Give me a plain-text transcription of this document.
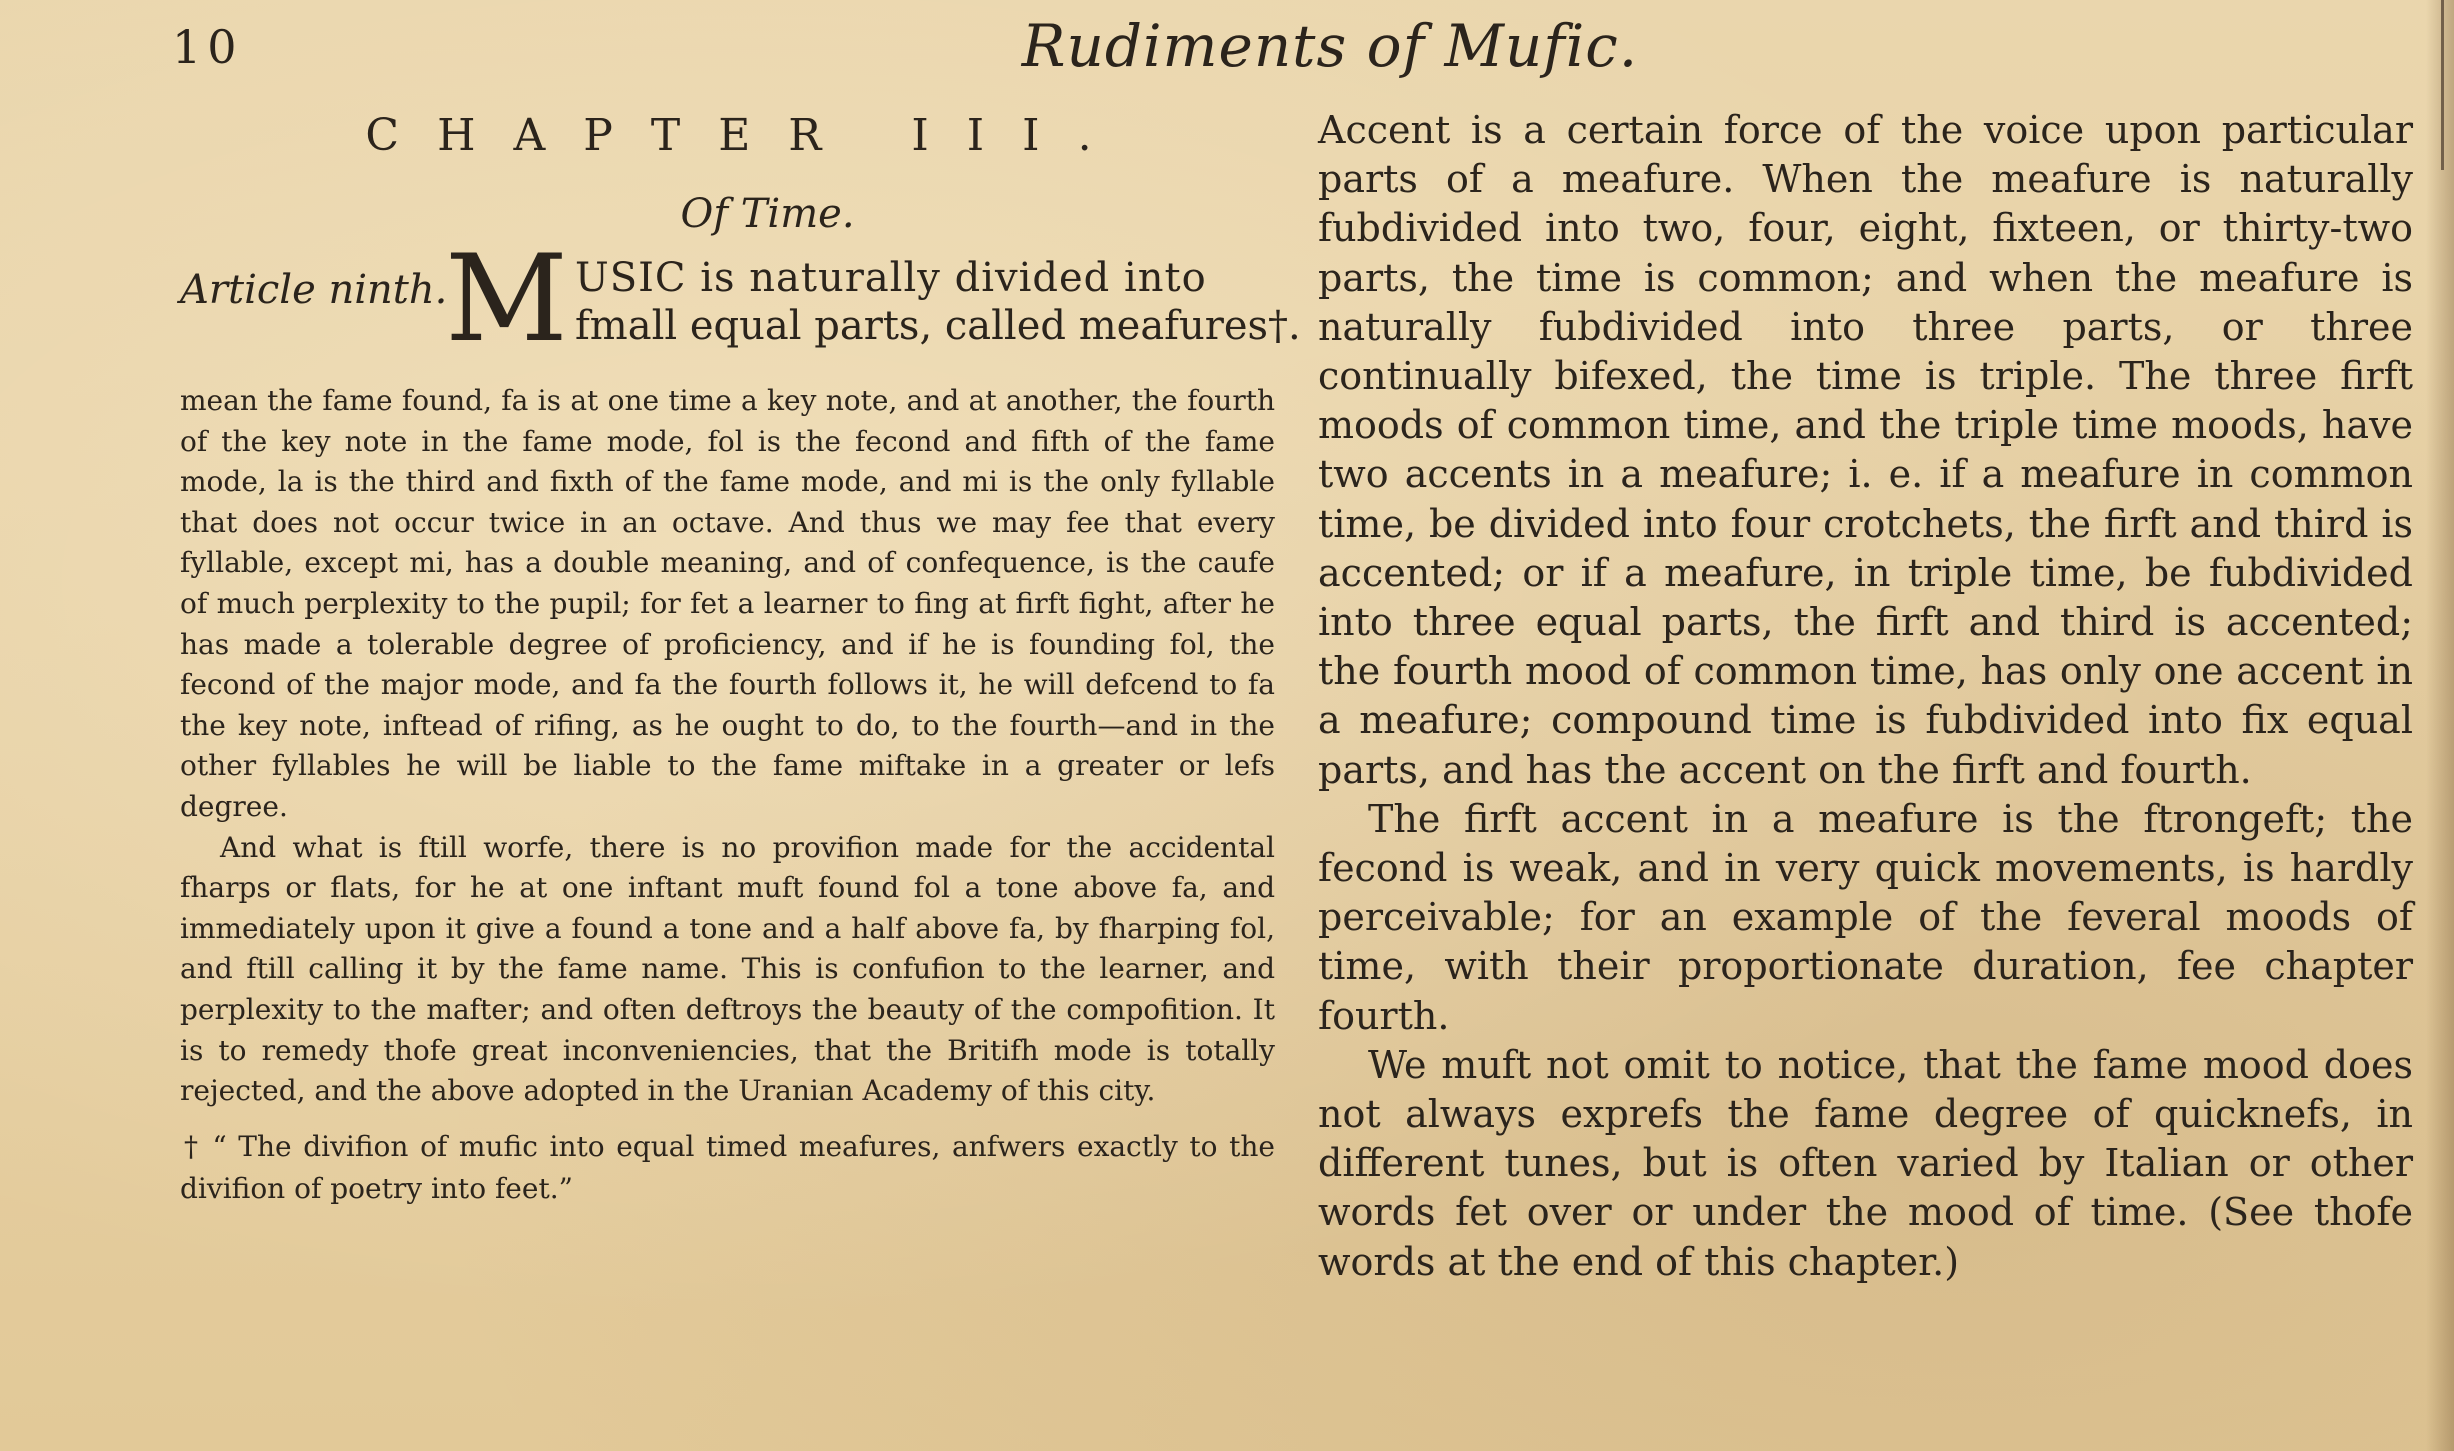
10	Rudiments of Mufic.
CHAPTER III.
Of Time.
Article ninth.
M USIC is naturally divided into
fmall equal parts, called meafures†.

mean the fame found, fa is at one time a key note, and at another, the fourth of the key note in the fame mode, fol is the fecond and fifth of the fame mode, la is the third and fixth of the fame mode, and mi is the only fyllable that does not occur twice in an octave. And thus we may fee that every fyllable, except mi, has a double meaning, and of confequence, is the caufe of much perplexity to the pupil; for fet a learner to fing at firft fight, after he has made a tolerable degree of proficiency, and if he is founding fol, the fecond of the major mode, and fa the fourth follows it, he will defcend to fa the key note, inftead of rifing, as he ought to do, to the fourth—and in the other fyllables he will be liable to the fame miftake in a greater or lefs degree.

And what is ftill worfe, there is no provifion made for the accidental fharps or flats, for he at one inftant muft found fol a tone above fa, and immediately upon it give a found a tone and a half above fa, by fharping fol, and ftill calling it by the fame name. This is confufion to the learner, and perplexity to the mafter; and often deftroys the beauty of the compofition. It is to remedy thofe great inconveniencies, that the Britifh mode is totally rejected, and the above adopted in the Uranian Academy of this city.

† “ The divifion of mufic into equal timed meafures, anfwers exactly to the divifion of poetry into feet.”

Accent is a certain force of the voice upon particular parts of a meafure. When the meafure is naturally fubdivided into two, four, eight, fixteen, or thirty-two parts, the time is common; and when the meafure is naturally fubdivided into three parts, or three continually bifexed, the time is triple. The three firft moods of common time, and the triple time moods, have two accents in a meafure; i. e. if a meafure in common time, be divided into four crotchets, the firft and third is accented; or if a meafure, in triple time, be fubdivided into three equal parts, the firft and third is accented; the fourth mood of common time, has only one accent in a meafure; compound time is fubdivided into fix equal parts, and has the accent on the firft and fourth.

The firft accent in a meafure is the ftrongeft; the fecond is weak, and in very quick movements, is hardly perceivable; for an example of the feveral moods of time, with their proportionate duration, fee chapter fourth.

We muft not omit to notice, that the fame mood does not always exprefs the fame degree of quicknefs, in different tunes, but is often varied by Italian or other words fet over or under the mood of time. (See thofe words at the end of this chapter.)
